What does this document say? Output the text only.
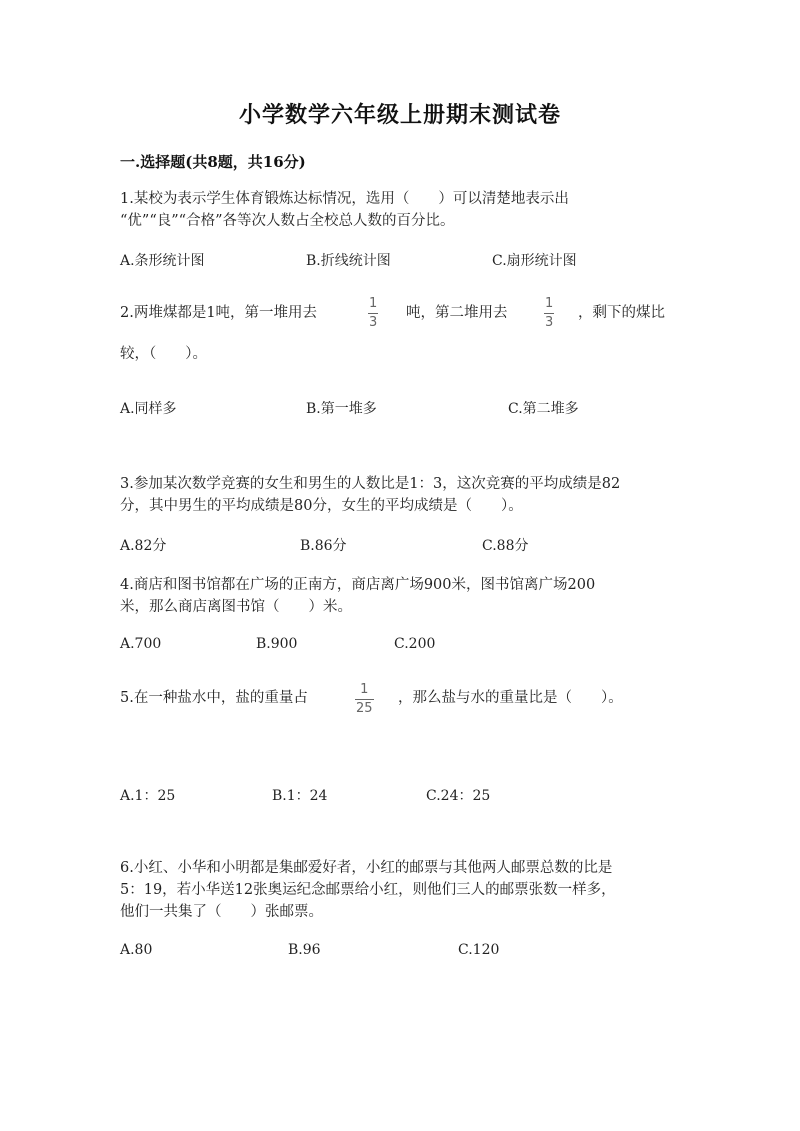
小学数学六年级上册期末测试卷
一.选择题(共8题，共16分)
1.某校为表示学生体育锻炼达标情况，选用（　　）可以清楚地表示出
“优”“良”“合格”各等次人数占全校总人数的百分比。
A.条形统计图	B.折线统计图	C.扇形统计图
2.两堆煤都是1吨，第一堆用去
1
3
吨，第二堆用去
1
3
，剩下的煤比
较，（　　）。
A.同样多	B.第一堆多	C.第二堆多
3.参加某次数学竞赛的女生和男生的人数比是1：3，这次竞赛的平均成绩是82
分，其中男生的平均成绩是80分，女生的平均成绩是（　　）。
A.82分	B.86分	C.88分
4.商店和图书馆都在广场的正南方，商店离广场900米，图书馆离广场200
米，那么商店离图书馆（　　）米。
A.700	B.900	C.200
5.在一种盐水中，盐的重量占
1
25
，那么盐与水的重量比是（　　）。
A.1：25	B.1：24	C.24：25
6.小红、小华和小明都是集邮爱好者，小红的邮票与其他两人邮票总数的比是
5：19，若小华送12张奥运纪念邮票给小红，则他们三人的邮票张数一样多，
他们一共集了（　　）张邮票。
A.80	B.96	C.120
